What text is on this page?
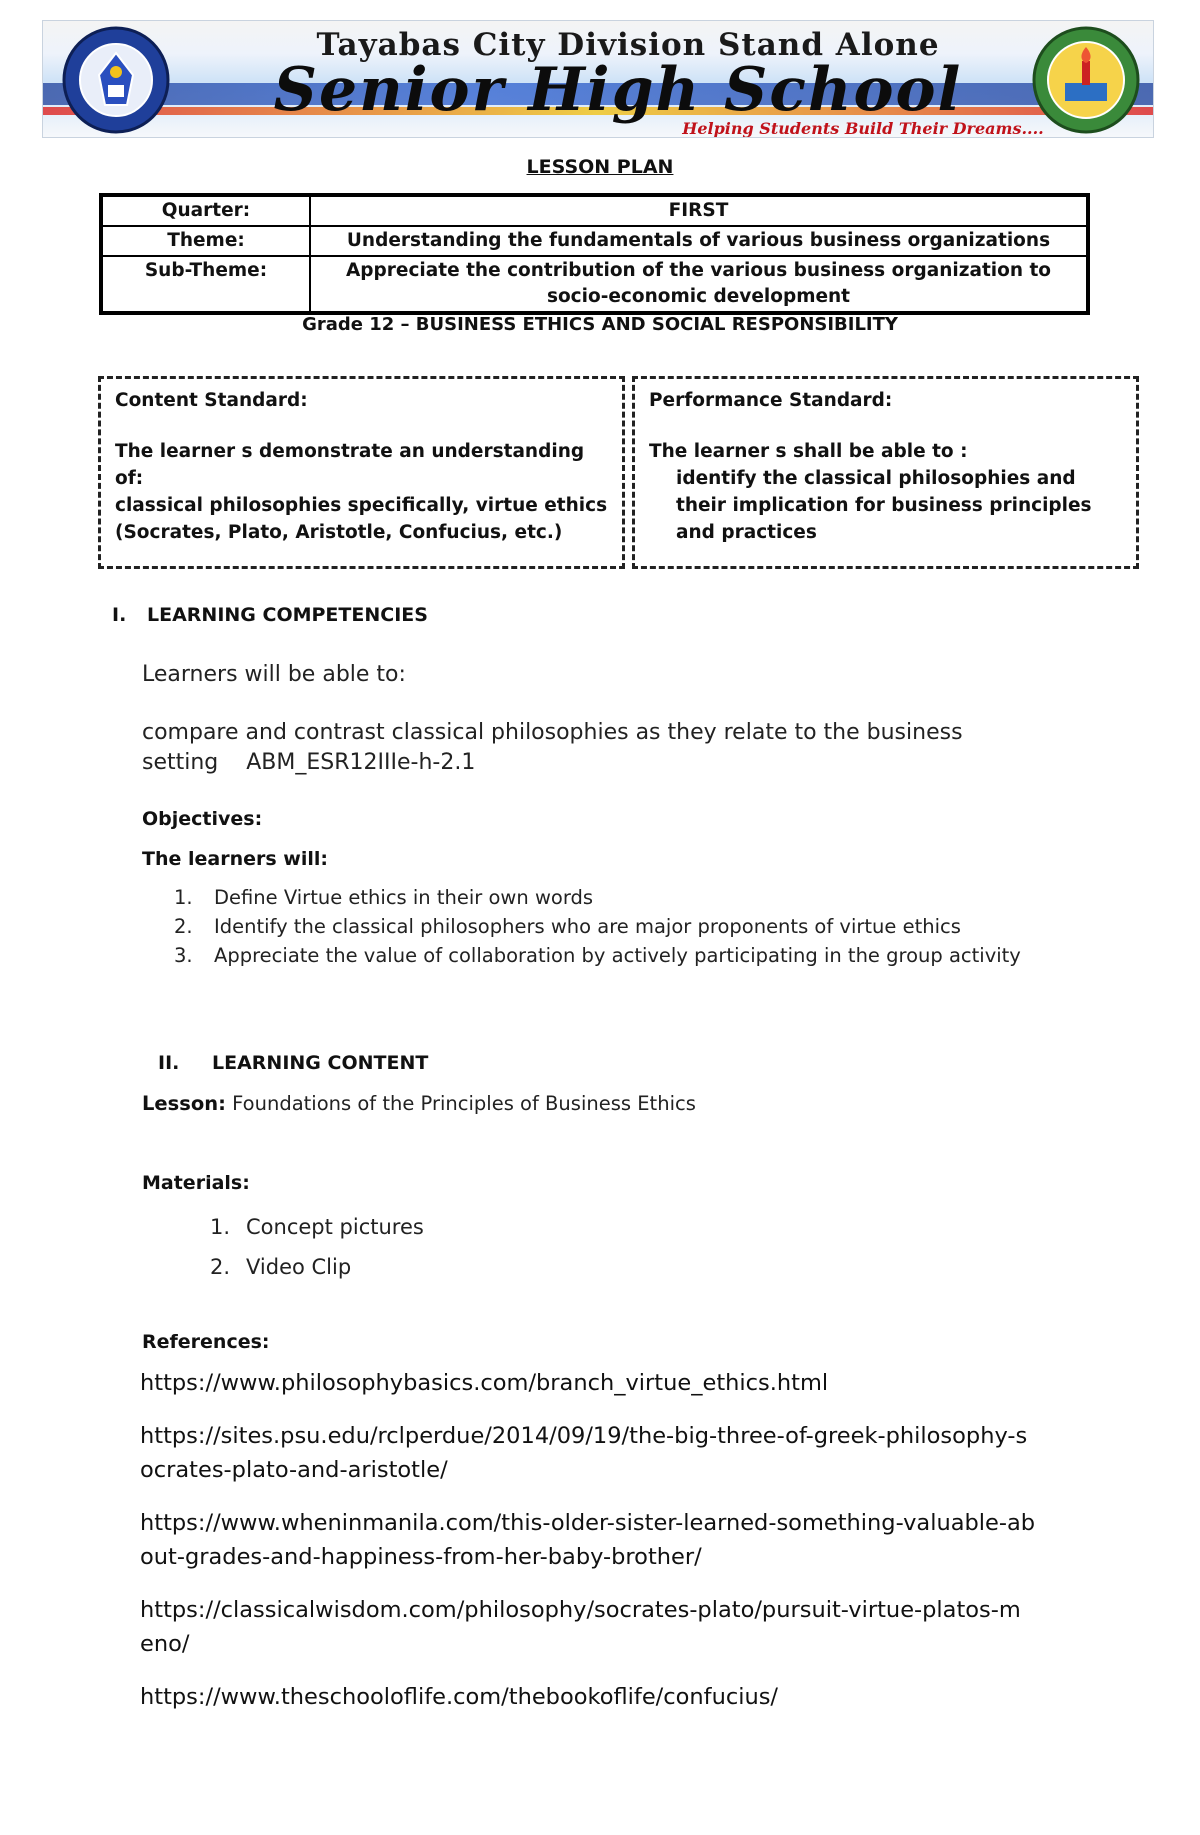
Tayabas City Division Stand Alone
Senior High School
Helping Students Build Their Dreams....
LESSON PLAN
Quarter:	FIRST
Theme:	Understanding the fundamentals of various business organizations
Sub-Theme:	Appreciate the contribution of the various business organization to socio-economic development
Grade 12 – BUSINESS ETHICS AND SOCIAL RESPONSIBILITY
Content Standard:
The learner s demonstrate an understanding of:
classical philosophies specifically, virtue ethics
(Socrates, Plato, Aristotle, Confucius, etc.)
Performance Standard:
The learner s shall be able to :
identify the classical philosophies and their implication for business principles and practices
I. LEARNING COMPETENCIES
Learners will be able to:
compare and contrast classical philosophies as they relate to the business
setting    ABM_ESR12IIIe-h-2.1
Objectives:
The learners will:
1. Define Virtue ethics in their own words
2. Identify the classical philosophers who are major proponents of virtue ethics
3. Appreciate the value of collaboration by actively participating in the group activity
II. LEARNING CONTENT
Lesson: Foundations of the Principles of Business Ethics
Materials:
1. Concept pictures
2. Video Clip
References:
https://www.philosophybasics.com/branch_virtue_ethics.html
https://sites.psu.edu/rclperdue/2014/09/19/the-big-three-of-greek-philosophy-socrates-plato-and-aristotle/
https://www.wheninmanila.com/this-older-sister-learned-something-valuable-about-grades-and-happiness-from-her-baby-brother/
https://classicalwisdom.com/philosophy/socrates-plato/pursuit-virtue-platos-meno/
https://www.theschooloflife.com/thebookoflife/confucius/
